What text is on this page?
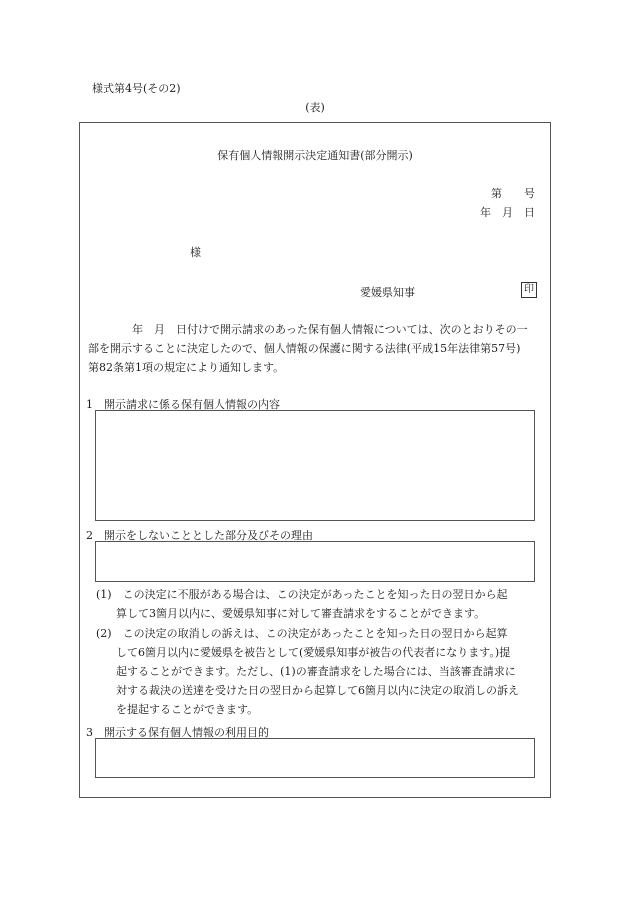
様式第4号(その2)
(表)
保有個人情報開示決定通知書(部分開示)
第　　号
年　月　日
様
愛媛県知事	印
　　　　年　月　日付けで開示請求のあった保有個人情報については、次のとおりその一
部を開示することに決定したので、個人情報の保護に関する法律(平成15年法律第57号)
第82条第1項の規定により通知します。
1　開示請求に係る保有個人情報の内容
2　開示をしないこととした部分及びその理由
(1)　この決定に不服がある場合は、この決定があったことを知った日の翌日から起
算して3箇月以内に、愛媛県知事に対して審査請求をすることができます。
(2)　この決定の取消しの訴えは、この決定があったことを知った日の翌日から起算
して6箇月以内に愛媛県を被告として(愛媛県知事が被告の代表者になります。)提
起することができます。ただし、(1)の審査請求をした場合には、当該審査請求に
対する裁決の送達を受けた日の翌日から起算して6箇月以内に決定の取消しの訴え
を提起することができます。
3　開示する保有個人情報の利用目的
